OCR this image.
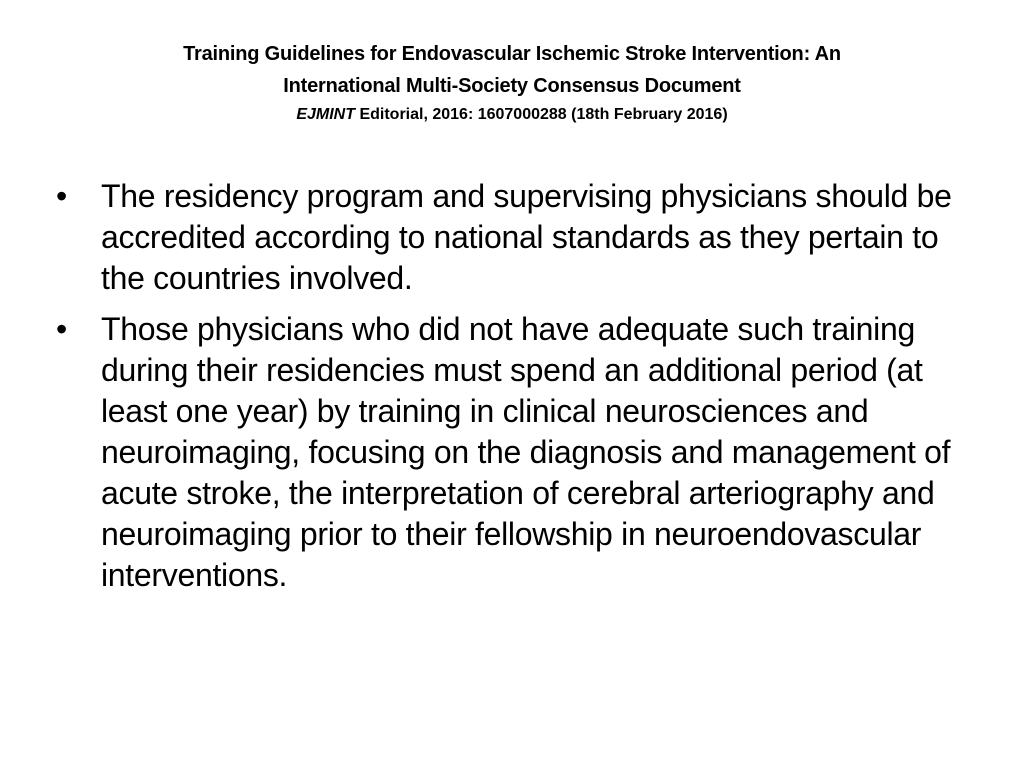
Training Guidelines for Endovascular Ischemic Stroke Intervention: An
International Multi-Society Consensus Document
EJMINT Editorial, 2016: 1607000288 (18th February 2016)
•	The residency program and supervising physicians should be accredited according to national standards as they pertain to the countries involved.
•	Those physicians who did not have adequate such training during their residencies must spend an additional period (at least one year) by training in clinical neurosciences and neuroimaging, focusing on the diagnosis and management of acute stroke, the interpretation of cerebral arteriography and neuroimaging prior to their fellowship in neuroendovascular interventions.
